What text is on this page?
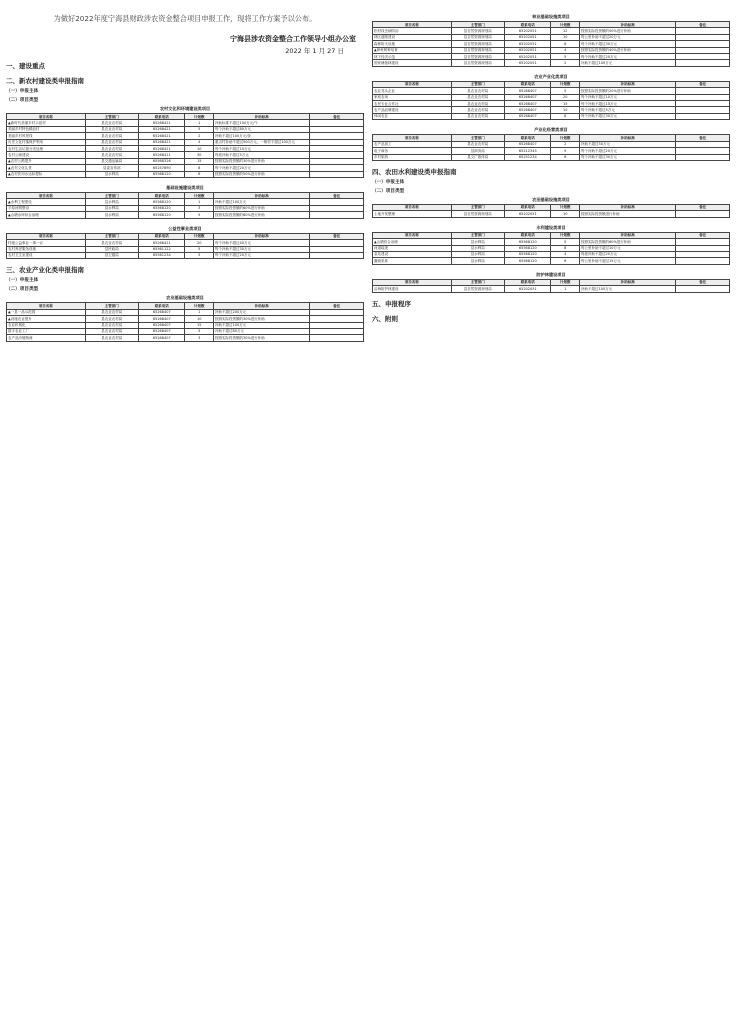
为做好2022年度宁海县财政涉农资金整合项目申报工作，现将工作方案予以公布。
宁海县涉农资金整合工作领导小组办公室
2022 年 1 月 27 日
一、建设重点
二、新农村建设类申报指南
（一）申报主体
（二）项目类型
农村文化和环境建设类项目
项目名称	主管部门	联系电话	计划数	补助标准	备注
▲新时代美丽乡村示范村	县农业农村局	65268421	1	补助标准不超过150万元/个	
美丽乡村特色精品村	县农业农村局	65268421	5	每个补助不超过80万元	
美丽乡村风景线	县农业农村局	65268421	2	补助不超过100万元/条	
历史文化村落保护利用	县农业农村局	65268421	4	重点村补助不超过500万元，一般村不超过100万元	
农村生活垃圾分类处理	县农业农村局	65268421	10	每个补助不超过10万元	
农村公厕建设	县农业农村局	65268421	30	每座补助不超过5万元	
▲农村公路提升	县交通运输局	65568326	15	按照实际投资额的30%进行补助	
▲农村文化礼堂	县委宣传部	65257890	8	每个补助不超过20万元	
▲农村饮用水达标提标	县水利局	65568120	6	按照实际投资额的50%进行补助	
基础设施建设类项目
项目名称	主管部门	联系电话	计划数	补助标准	备注
▲水利工程建设	县水利局	65568120	1	补助不超过100万元	
平原河网整治	县水利局	65568120	3	按照实际投资额的60%进行补助	
▲山塘水库综合治理	县水利局	65568120	5	按照实际投资额的60%进行补助	
公益性事业类项目
项目名称	主管部门	联系电话	计划数	补助标准	备注
村级公益事业一事一议	县农业农村局	65268421	20	每个补助不超过40万元	
农村养老服务设施	县民政局	65561122	5	每个补助不超过30万元	
农村卫生室建设	县卫健局	65561234	5	每个补助不超过20万元	
三、农业产业化类申报指南
（一）申报主体
（二）项目类型
农业基础设施类项目
项目名称	主管部门	联系电话	计划数	补助标准	备注
▲一县一品示范园	县农业农村局	65268407	1	补助不超过200万元	
▲设施农业提升	县农业农村局	65268407	10	按照实际投资额的30%进行补助	
农业机械化	县农业农村局	65268407	15	补助不超过100万元	
数字农业工厂	县农业农村局	65268407	5	补助不超过80万元	
农产品冷链物流	县农业农村局	65268407	3	按照实际投资额的30%进行补助	
林业基础设施类项目
项目名称	主管部门	联系电话	计划数	补助标准	备注
松材线虫病防治	县自然资源规划局	65202051	12	按照实际投资额的50%进行补助	
林区道路建设	县自然资源规划局	65202051	10	每公里补助不超过20万元	
森林防火设施	县自然资源规划局	65202051	6	每个补助不超过30万元	
▲珍贵树种培育	县自然资源规划局	65202051	4	按照实际投资额的40%进行补助	
林下经济示范	县自然资源规划局	65202051	5	每个补助不超过20万元	
国家储备林建设	县自然资源规划局	65202051	2	补助不超过100万元	
农业产业化类项目
项目名称	主管部门	联系电话	计划数	补助标准	备注
农业龙头企业	县农业农村局	65268407	5	按照实际投资额的20%进行补助	
家庭农场	县农业农村局	65268407	20	每个补助不超过10万元	
农民专业合作社	县农业农村局	65268407	15	每个补助不超过15万元	
农产品品牌建设	县农业农村局	65268407	10	每个补助不超过5万元	
休闲农业	县农业农村局	65268407	8	每个补助不超过30万元	
产业化经营类项目
项目名称	主管部门	联系电话	计划数	补助标准	备注
农产品加工	县农业农村局	65268407	2	补助不超过50万元	
电子商务	县商务局	65212345	5	每个补助不超过20万元	
乡村旅游	县文广旅体局	65251234	6	每个补助不超过30万元	
四、农田水利建设类申报指南
（一）申报主体
（二）项目类型
农田基础设施类项目
项目名称	主管部门	联系电话	计划数	补助标准	备注
土地开发整理	县自然资源规划局	65202051	10	按照实际投资额进行补助	
水利建设类项目
项目名称	主管部门	联系电话	计划数	补助标准	备注
▲山塘综合治理	县水利局	65568120	5	按照实际投资额的60%进行补助	
河道疏浚	县水利局	65568120	8	每公里补助不超过10万元	
泵站建设	县水利局	65568120	4	每座补助不超过20万元	
灌溉渠系	县水利局	65568120	6	每公里补助不超过15万元	
防护林建设项目
项目名称	主管部门	联系电话	计划数	补助标准	备注
沿海防护林建设	县自然资源规划局	65202051	1	补助不超过100万元	
五、申报程序
六、附则
